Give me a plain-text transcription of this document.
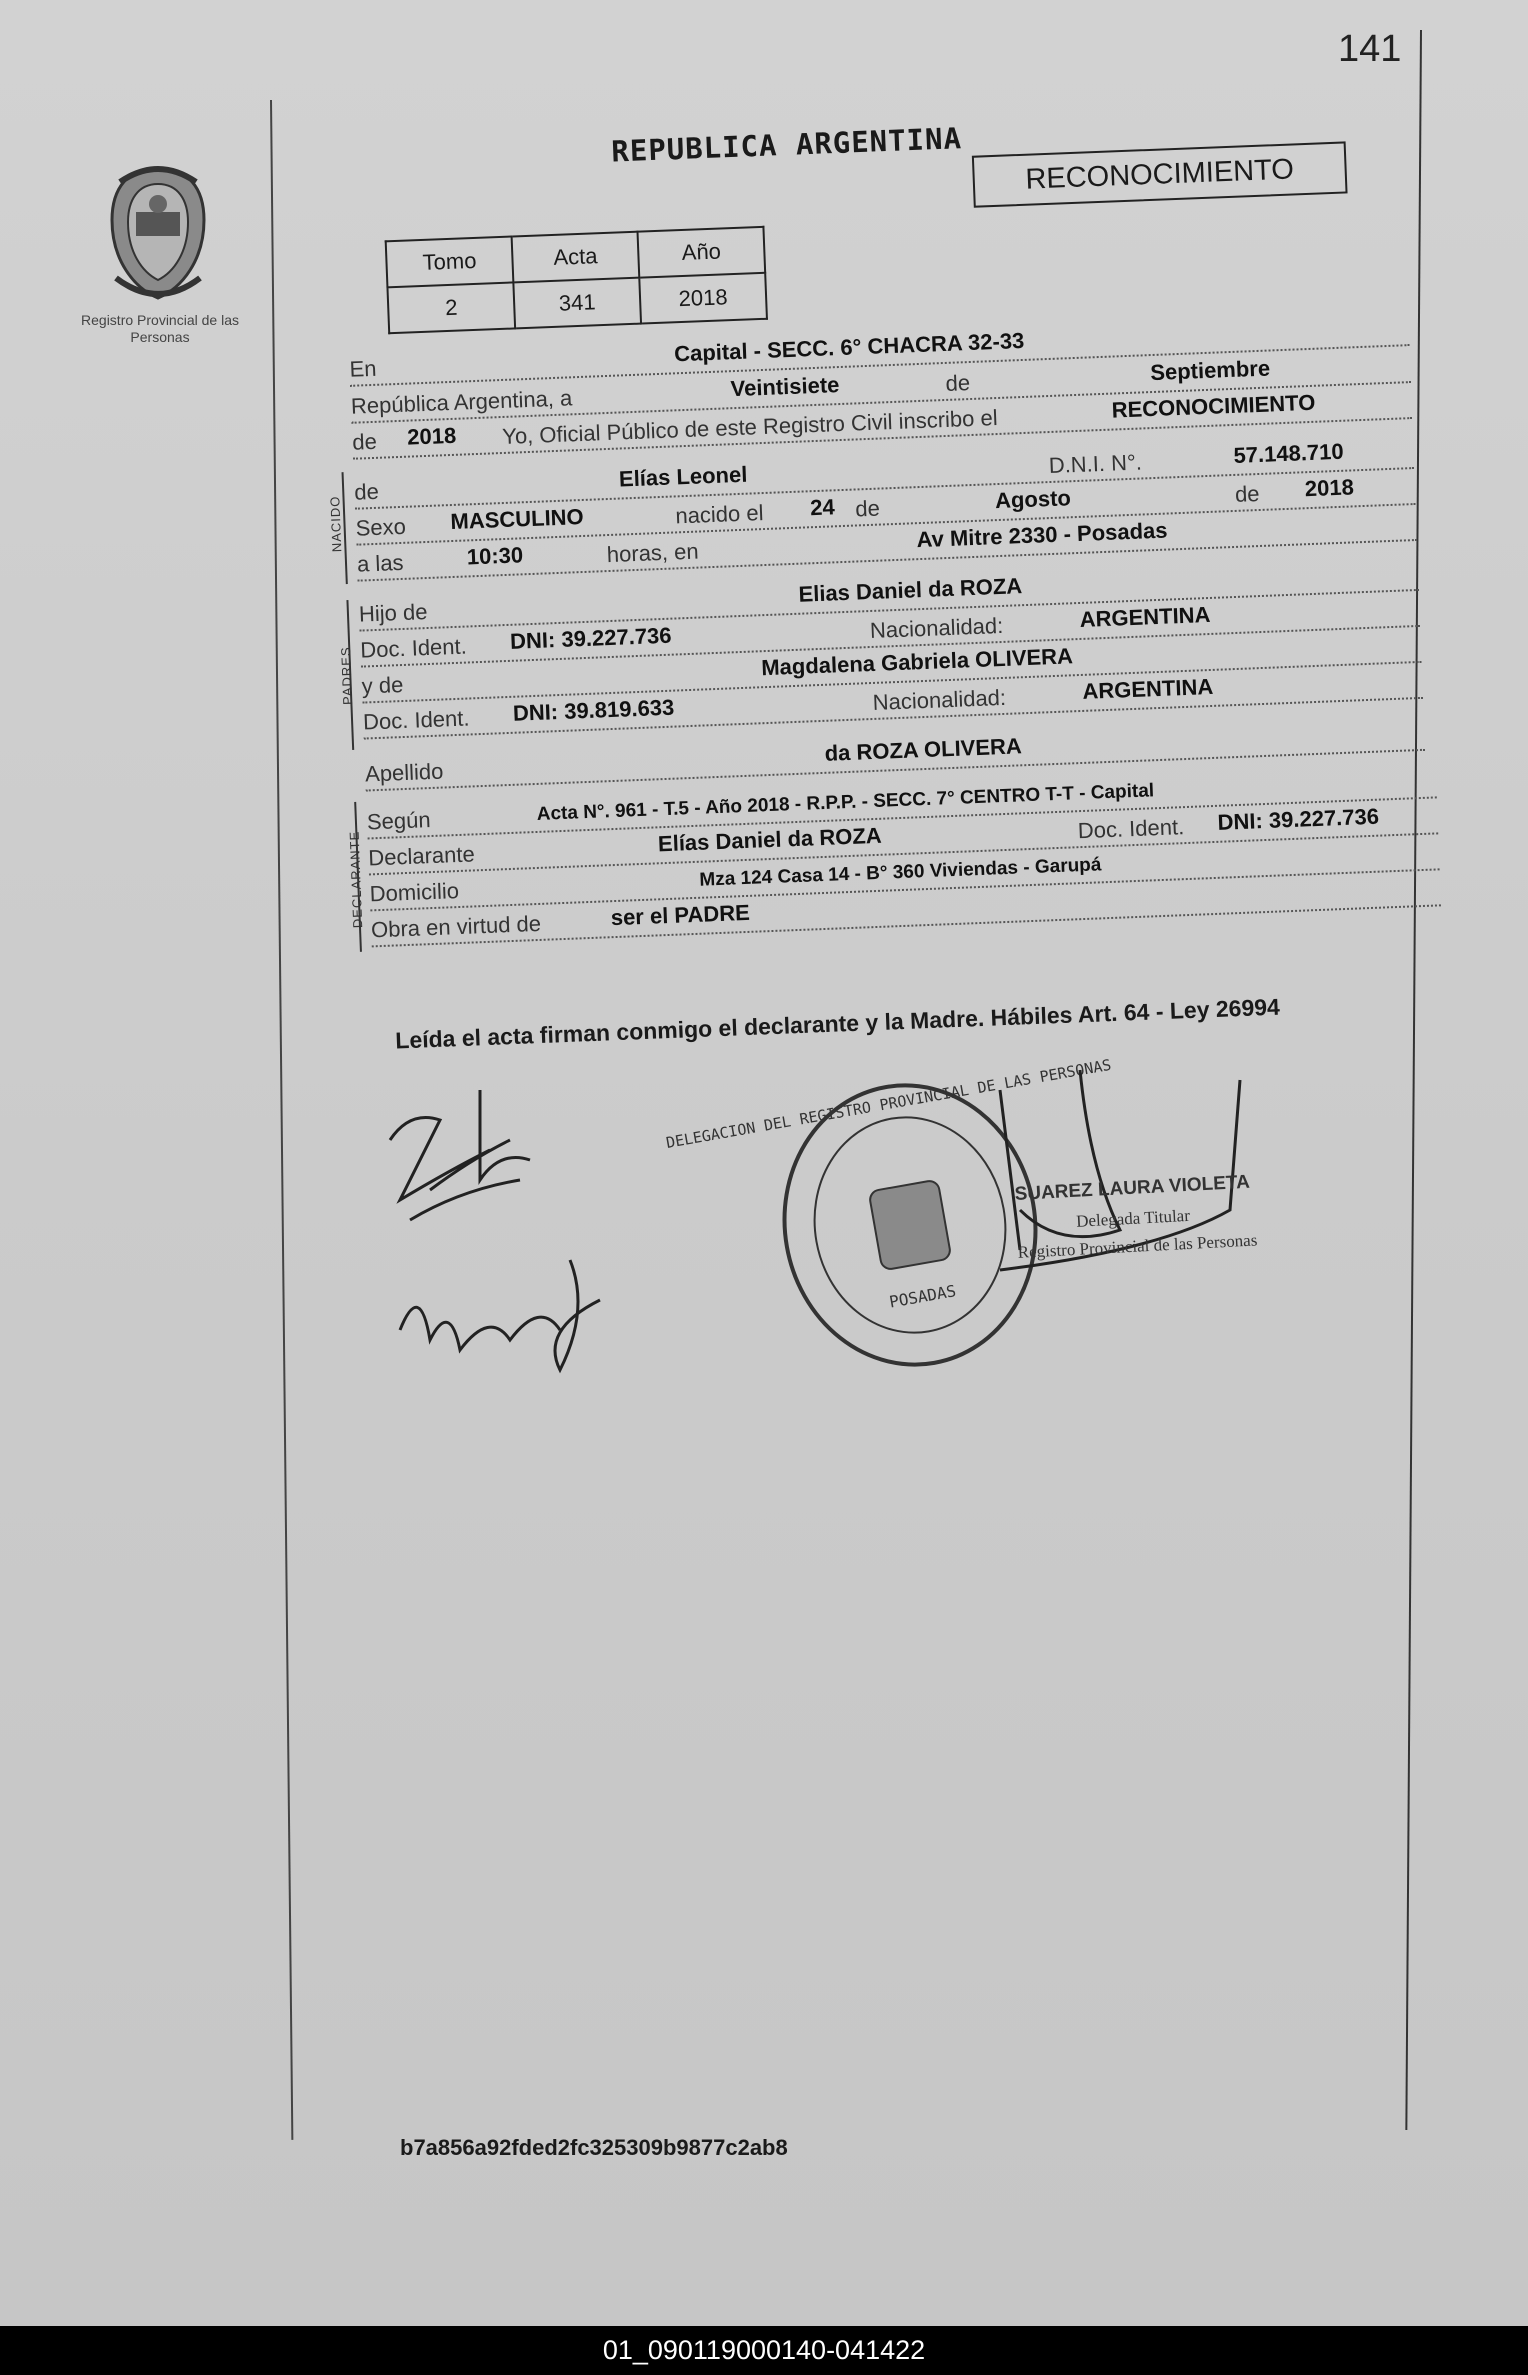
141
Registro Provincial de las Personas
REPUBLICA ARGENTINA
RECONOCIMIENTO
Tomo	Acta	Año
2	341	2018
En
Capital - SECC. 6° CHACRA 32-33
República Argentina, a	Veintisiete	de	Septiembre
de 2018 Yo, Oficial Público de este Registro Civil inscribo el	RECONOCIMIENTO
NACIDO
de
Elías Leonel	D.N.I. N°.	57.148.710
Sexo MASCULINO	nacido el 24 de	Agosto	de 2018
a las	10:30	horas, en
Av Mitre 2330 - Posadas
PADRES
Hijo de
Elias Daniel da ROZA
Doc. Ident. DNI: 39.227.736	Nacionalidad:	ARGENTINA
y de
Magdalena Gabriela OLIVERA
Doc. Ident. DNI: 39.819.633	Nacionalidad:	ARGENTINA
Apellido
da ROZA OLIVERA
DECLARANTE
Según	Acta N°. 961 - T.5 - Año 2018 - R.P.P. - SECC. 7° CENTRO T-T - Capital
Declarante	Elías Daniel da ROZA	Doc. Ident. DNI: 39.227.736
Domicilio
Mza 124 Casa 14 - B° 360 Viviendas - Garupá
Obra en virtud de	ser el PADRE
Leída el acta firman conmigo el declarante y la Madre. Hábiles Art. 64 - Ley 26994
DELEGACION DEL REGISTRO PROVINCIAL DE LAS PERSONAS
POSADAS
SUAREZ LAURA VIOLETA
Delegada Titular
Registro Provincial de las Personas
b7a856a92fded2fc325309b9877c2ab8
01_090119000140-041422
